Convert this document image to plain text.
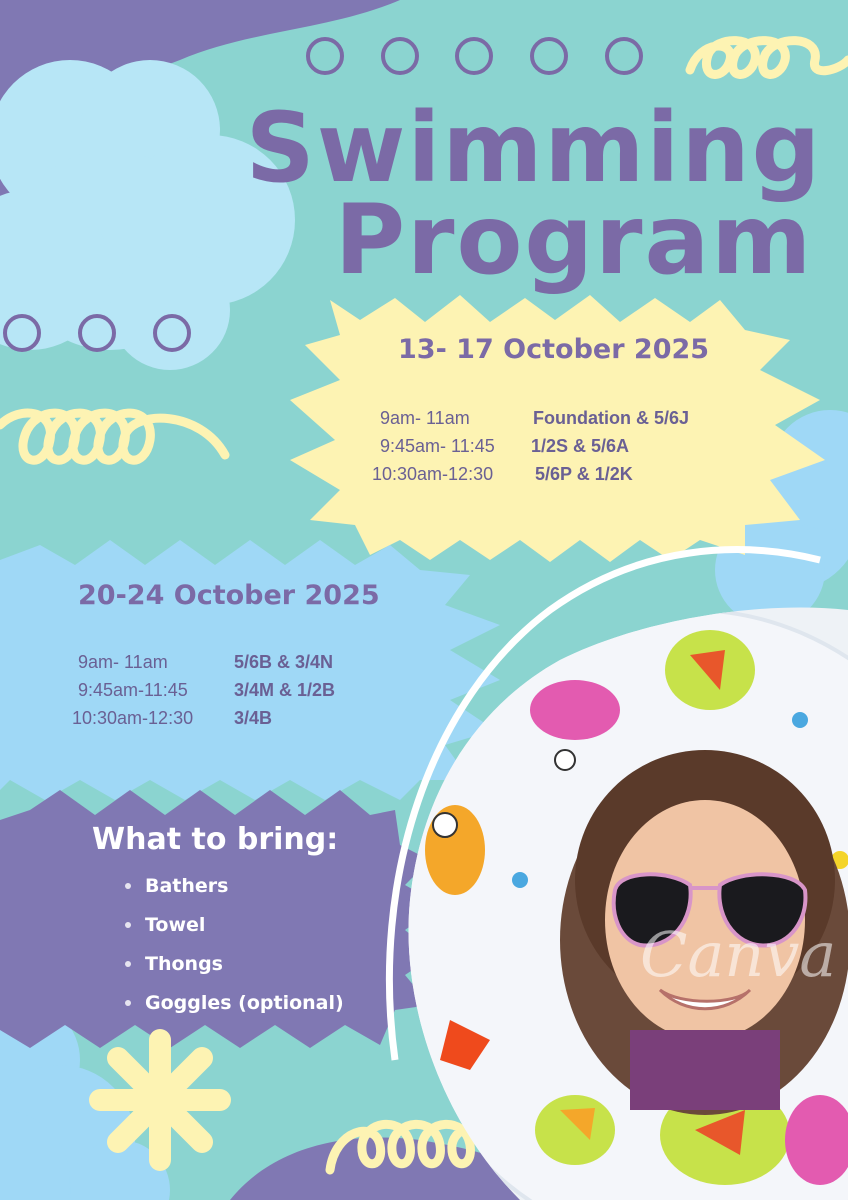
Canva
Swimming
Program
13- 17 October 2025
9am- 11am	Foundation & 5/6J
9:45am- 11:45 1/2S & 5/6A
10:30am-12:30 5/6P & 1/2K
20-24 October 2025
9am- 11am	5/6B & 3/4N
9:45am-11:45	3/4M & 1/2B
10:30am-12:30 3/4B
What to bring:
Bathers
Towel
Thongs
Goggles (optional)
